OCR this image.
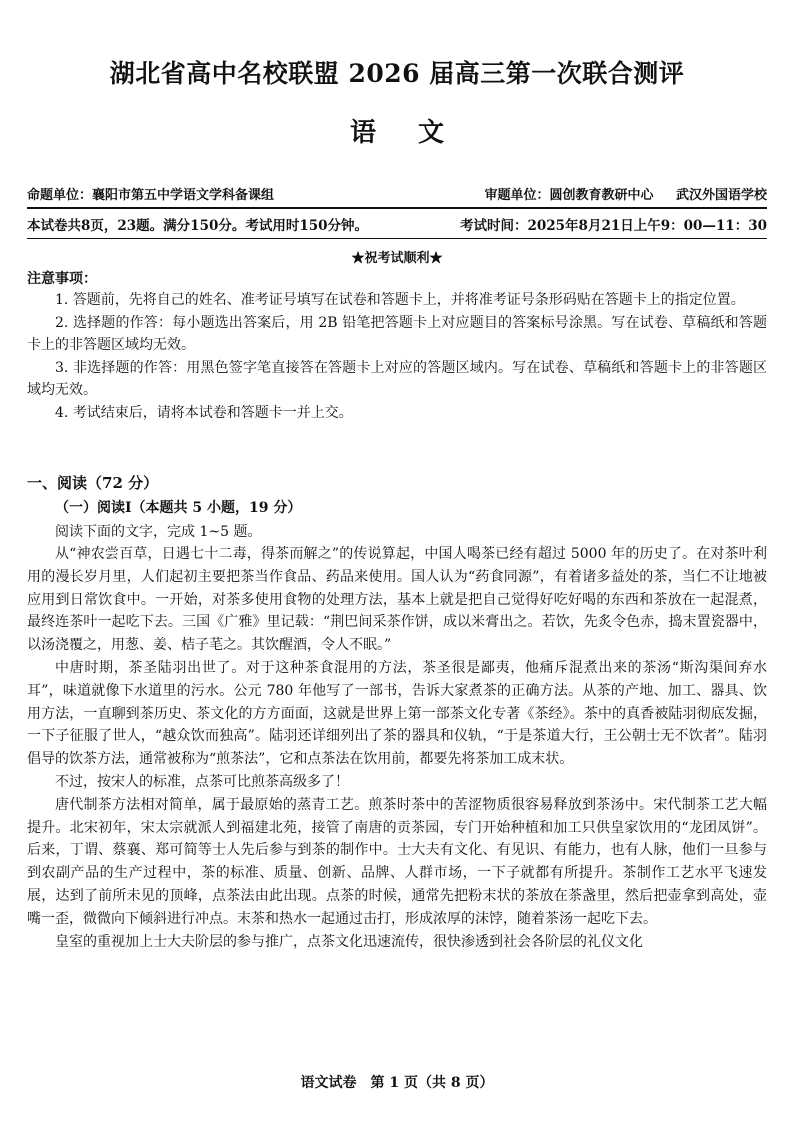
湖北省高中名校联盟 2026 届高三第一次联合测评
语文
命题单位：襄阳市第五中学语文学科备课组	审题单位：圆创教育教研中心 武汉外国语学校
本试卷共8页，23题。满分150分。考试用时150分钟。	考试时间：2025年8月21日上午9：00—11：30
★祝考试顺利★
注意事项：

1. 答题前，先将自己的姓名、准考证号填写在试卷和答题卡上，并将准考证号条形码贴在答题卡上的指定位置。

2. 选择题的作答：每小题选出答案后，用 2B 铅笔把答题卡上对应题目的答案标号涂黑。写在试卷、草稿纸和答题卡上的非答题区域均无效。

3. 非选择题的作答：用黑色签字笔直接答在答题卡上对应的答题区域内。写在试卷、草稿纸和答题卡上的非答题区域均无效。

4. 考试结束后，请将本试卷和答题卡一并上交。

一、阅读（72 分）
（一）阅读Ⅰ（本题共 5 小题，19 分）
阅读下面的文字，完成 1~5 题。

从“神农尝百草，日遇七十二毒，得茶而解之”的传说算起，中国人喝茶已经有超过 5000 年的历史了。在对茶叶利用的漫长岁月里，人们起初主要把茶当作食品、药品来使用。国人认为“药食同源”，有着诸多益处的茶，当仁不让地被应用到日常饮食中。一开始，对茶多使用食物的处理方法，基本上就是把自己觉得好吃好喝的东西和茶放在一起混煮，最终连茶叶一起吃下去。三国《广雅》里记载：“荆巴间采茶作饼，成以米膏出之。若饮，先炙令色赤，捣末置瓷器中，以汤浇覆之，用葱、姜、桔子芼之。其饮醒酒，令人不眠。”

中唐时期，茶圣陆羽出世了。对于这种茶食混用的方法，茶圣很是鄙夷，他痛斥混煮出来的茶汤“斯沟渠间弃水耳”，味道就像下水道里的污水。公元 780 年他写了一部书，告诉大家煮茶的正确方法。从茶的产地、加工、器具、饮用方法，一直聊到茶历史、茶文化的方方面面，这就是世界上第一部茶文化专著《茶经》。茶中的真香被陆羽彻底发掘，一下子征服了世人，“越众饮而独高”。陆羽还详细列出了茶的器具和仪轨，“于是茶道大行，王公朝士无不饮者”。陆羽倡导的饮茶方法，通常被称为“煎茶法”，它和点茶法在饮用前，都要先将茶加工成末状。

不过，按宋人的标准，点茶可比煎茶高级多了！

唐代制茶方法相对简单，属于最原始的蒸青工艺。煎茶时茶中的苦涩物质很容易释放到茶汤中。宋代制茶工艺大幅提升。北宋初年，宋太宗就派人到福建北苑，接管了南唐的贡茶园，专门开始种植和加工只供皇家饮用的“龙团凤饼”。后来，丁谓、蔡襄、郑可简等士人先后参与到茶的制作中。士大夫有文化、有见识、有能力，也有人脉，他们一旦参与到农副产品的生产过程中，茶的标准、质量、创新、品牌、人群市场，一下子就都有所提升。茶制作工艺水平飞速发展，达到了前所未见的顶峰，点茶法由此出现。点茶的时候，通常先把粉末状的茶放在茶盏里，然后把壶拿到高处，壶嘴一歪，微微向下倾斜进行冲点。末茶和热水一起通过击打，形成浓厚的沫饽，随着茶汤一起吃下去。

皇室的重视加上士大夫阶层的参与推广，点茶文化迅速流传，很快渗透到社会各阶层的礼仪文化

语文试卷　第 1 页（共 8 页）
